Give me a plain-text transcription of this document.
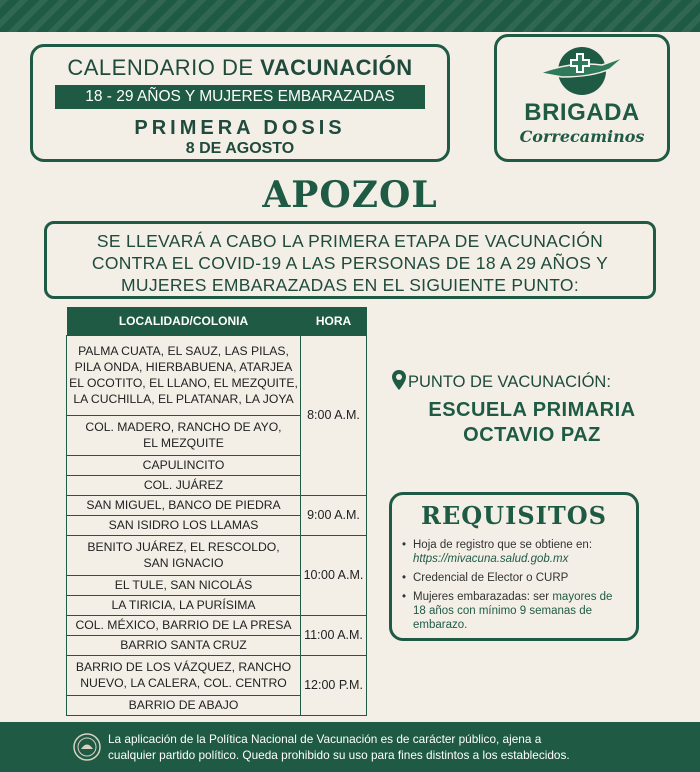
CALENDARIO DE VACUNACIÓN
18 - 29 AÑOS Y MUJERES EMBARAZADAS
PRIMERA DOSIS
8 DE AGOSTO
BRIGADA
Correcaminos
APOZOL
SE LLEVARÁ A CABO LA PRIMERA ETAPA DE VACUNACIÓN
CONTRA EL COVID-19 A LAS PERSONAS DE 18 A 29 AÑOS Y
MUJERES EMBARAZADAS EN EL SIGUIENTE PUNTO:
LOCALIDAD/COLONIA	HORA

PALMA CUATA, EL SAUZ, LAS PILAS,
PILA ONDA, HIERBABUENA, ATARJEA
EL OCOTITO, EL LLANO, EL MEZQUITE,
LA CUCHILLA, EL PLATANAR, LA JOYA	8:00 A.M.

COL. MADERO, RANCHO DE AYO,
EL MEZQUITE	

CAPULINCITO	
COL. JUÁREZ	
SAN MIGUEL, BANCO DE PIEDRA	9:00 A.M.
SAN ISIDRO LOS LLAMAS	

BENITO JUÁREZ, EL RESCOLDO,
SAN IGNACIO	10:00 A.M.
EL TULE, SAN NICOLÁS	
LA TIRICIA, LA PURÍSIMA	
COL. MÉXICO, BARRIO DE LA PRESA	11:00 A.M.
BARRIO SANTA CRUZ	

BARRIO DE LOS VÁZQUEZ, RANCHO
NUEVO, LA CALERA, COL. CENTRO	12:00 P.M.
BARRIO DE ABAJO	
PUNTO DE VACUNACIÓN:
ESCUELA PRIMARIA
OCTAVIO PAZ
REQUISITOS
• Hoja de registro que se obtiene en: https://mivacuna.salud.gob.mx
• Credencial de Elector o CURP
• Mujeres embarazadas: ser mayores de 18 años con mínimo 9 semanas de embarazo.
La aplicación de la Política Nacional de Vacunación es de carácter público, ajena a
cualquier partido político. Queda prohibido su uso para fines distintos a los establecidos.
